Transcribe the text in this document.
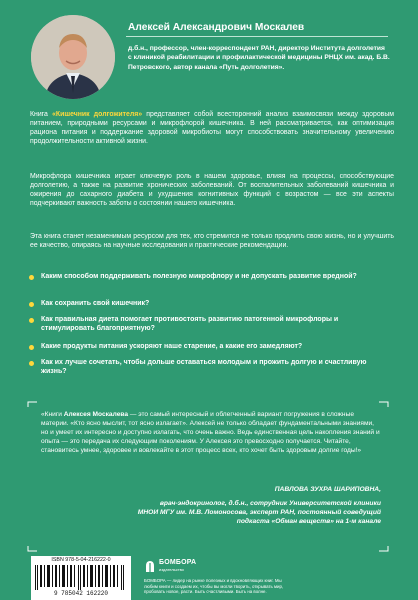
Алексей Александрович Москалев
д.б.н., профессор, член-корреспондент РАН, директор Института долголетия с клиникой реабилитации и профилактической медицины РНЦХ им. акад. Б.В. Петровского, автор канала «Путь долголетия».
Книга «Кишечник долгожителя» представляет собой всесторонний анализ взаимосвязи между здоровым питанием, природными ресурсами и микрофлорой кишечника. В ней рассматривается, как оптимизация рациона питания и поддержание здоровой микробиоты могут способствовать значительному увеличению продолжительности активной жизни.
Микрофлора кишечника играет ключевую роль в нашем здоровье, влияя на процессы, способствующие долголетию, а также на развитие хронических заболеваний. От воспалительных заболеваний кишечника и ожирения до сахарного диабета и ухудшения когнитивных функций с возрастом — все эти аспекты подчеркивают важность заботы о состоянии нашего кишечника.
Эта книга станет незаменимым ресурсом для тех, кто стремится не только продлить свою жизнь, но и улучшить ее качество, опираясь на научные исследования и практические рекомендации.
Каким способом поддерживать полезную микрофлору и не допускать развитие вредной?
Как сохранить свой кишечник?
Как правильная диета помогает противостоять развитию патогенной микрофлоры и стимулировать благоприятную?
Какие продукты питания ускоряют наше старение, а какие его замедляют?
Как их лучше сочетать, чтобы дольше оставаться молодым и прожить долгую и счастливую жизнь?
«Книги Алексея Москалева — это самый интересный и облегченный вариант погружения в сложные материи. «Кто ясно мыслит, тот ясно излагает». Алексей не только обладает фундаментальными знаниями, но и умеет их интересно и доступно излагать, что очень важно. Ведь единственная цель накопления знаний и опыта — это передача их следующим поколениям. У Алексея это превосходно получается. Читайте, становитесь умнее, здоровее и вовлекайте в этот процесс всех, кто хочет быть здоровым долгие годы!»
ПАВЛОВА ЗУХРА ШАРИПОВНА,
врач-эндокринолог, д.б.н., сотрудник Университетской клиники
МНОИ МГУ им. М.В. Ломоносова, эксперт РАН, постоянный соведущий
подкаста «Обман веществ» на 1-м канале
ISBN 978-5-04-216222-0
9 785042 162220
БОМБОРА
издательство
БОМБОРА — лидер на рынке полезных и вдохновляющих книг. Мы любим книги и создаем их, чтобы вы могли творить, открывать мир, пробовать новое, расти. Быть счастливыми. Быть на волне.
